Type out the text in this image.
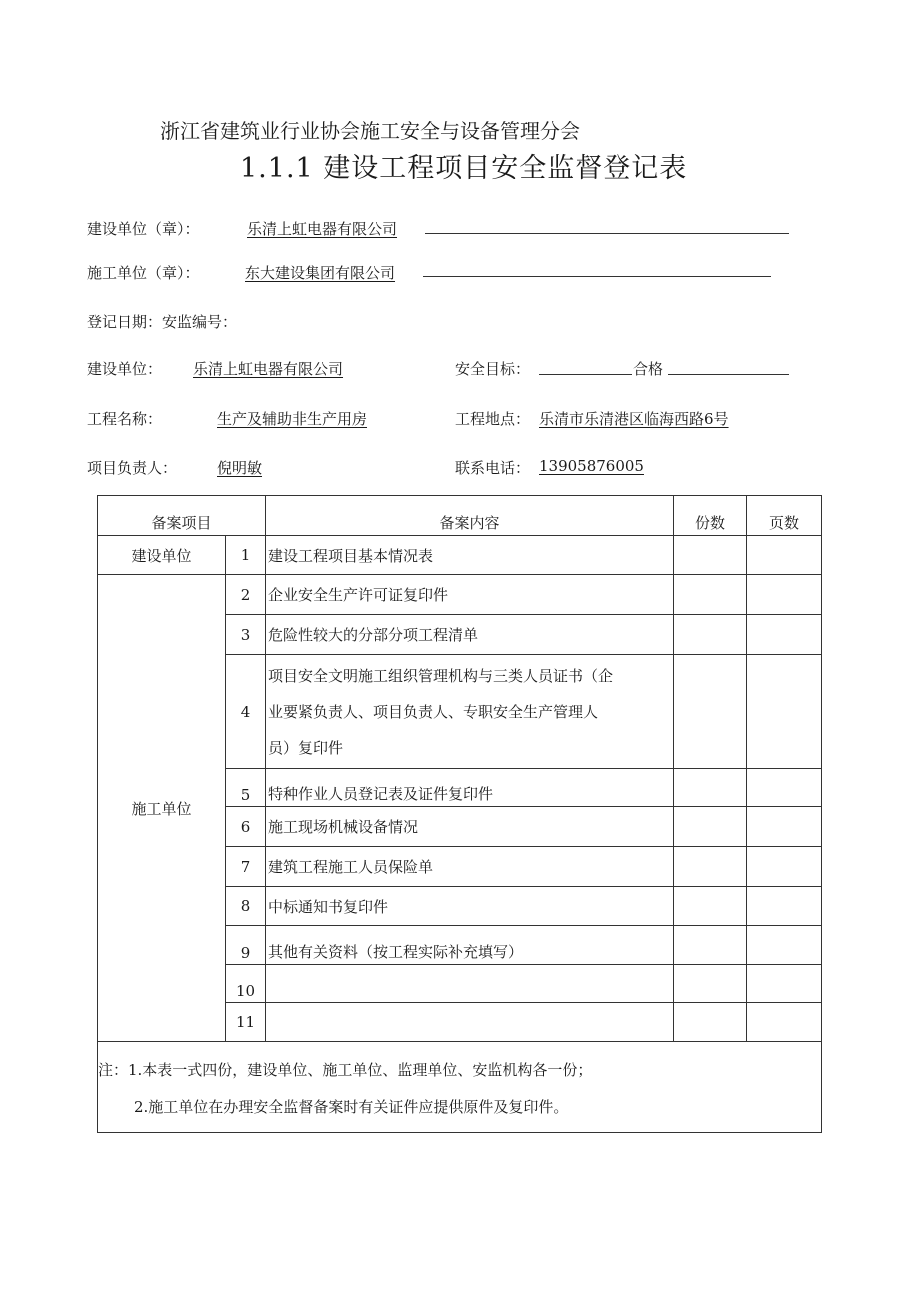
浙江省建筑业行业协会施工安全与设备管理分会
1.1.1 建设工程项目安全监督登记表
建设单位（章）：	乐清上虹电器有限公司
施工单位（章）：	东大建设集团有限公司
登记日期：安监编号：
建设单位： 乐清上虹电器有限公司	安全目标：	合格
工程名称：	生产及辅助非生产用房	工程地点： 乐清市乐清港区临海西路6号
项目负责人：	倪明敏	联系电话： 13905876005
备案项目		备案内容	份数	页数
建设单位	1	建设工程项目基本情况表		
施工单位	2	企业安全生产许可证复印件		
	3	危险性较大的分部分项工程清单		
	4	项目安全文明施工组织管理机构与三类人员证书（企
业要紧负责人、项目负责人、专职安全生产管理人
员）复印件		

	5	特种作业人员登记表及证件复印件		
	6	施工现场机械设备情况		
	7	建筑工程施工人员保险单		
	8	中标通知书复印件		
	9	其他有关资料（按工程实际补充填写）		
	10			
	11			

注：1.本表一式四份，建设单位、施工单位、监理单位、安监机构各一份；
2.施工单位在办理安全监督备案时有关证件应提供原件及复印件。				
